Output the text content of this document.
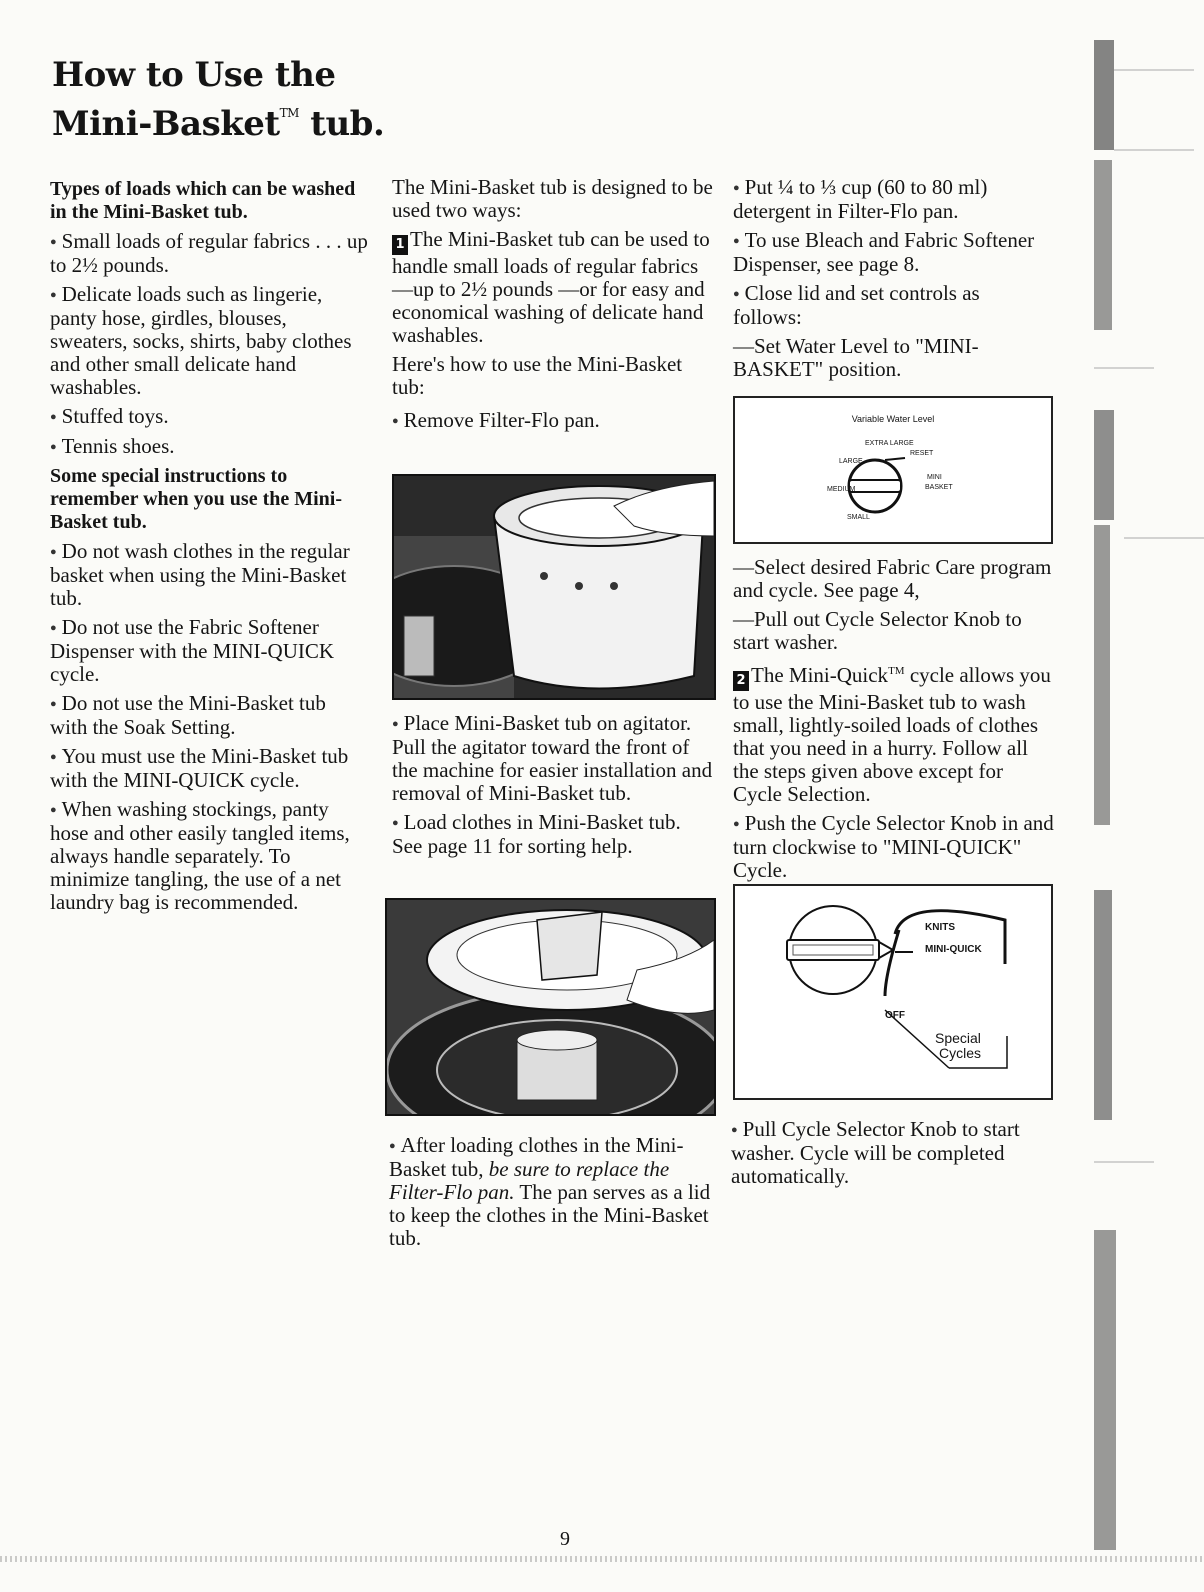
How to Use the
Mini-Basket™ tub.

Types of loads which can be washed in the Mini-Basket tub.

● Small loads of regular fabrics . . . up to 2½ pounds.

● Delicate loads such as lingerie, panty hose, girdles, blouses, sweaters, socks, shirts, baby clothes and other small delicate hand washables.

● Stuffed toys.

● Tennis shoes.

Some special instructions to remember when you use the Mini-Basket tub.

● Do not wash clothes in the regular basket when using the Mini-Basket tub.

● Do not use the Fabric Softener Dispenser with the MINI-QUICK cycle.

● Do not use the Mini-Basket tub with the Soak Setting.

● You must use the Mini-Basket tub with the MINI-QUICK cycle.

● When washing stockings, panty hose and other easily tangled items, always handle separately. To minimize tangling, the use of a net laundry bag is recommended.

The Mini-Basket tub is designed to be used two ways:

1 The Mini-Basket tub can be used to handle small loads of regular fabrics—up to 2½ pounds —or for easy and economical washing of delicate hand washables.

Here's how to use the Mini-Basket tub:

● Remove Filter-Flo pan.

● Place Mini-Basket tub on agitator. Pull the agitator toward the front of the machine for easier installation and removal of Mini-Basket tub.

● Load clothes in Mini-Basket tub. See page 11 for sorting help.

● After loading clothes in the Mini-Basket tub, be sure to replace the Filter-Flo pan. The pan serves as a lid to keep the clothes in the Mini-Basket tub.

● Put ¼ to ⅓ cup (60 to 80 ml) detergent in Filter-Flo pan.

● To use Bleach and Fabric Softener Dispenser, see page 8.

● Close lid and set controls as follows:

—Set Water Level to "MINI-BASKET" position.

Variable Water Level
EXTRA LARGE
RESET
LARGE
MEDIUM
MINI
BASKET
SMALL

—Select desired Fabric Care program and cycle. See page 4,

—Pull out Cycle Selector Knob to start washer.

2 The Mini-Quick™ cycle allows you to use the Mini-Basket tub to wash small, lightly-soiled loads of clothes that you need in a hurry. Follow all the steps given above except for Cycle Selection.

● Push the Cycle Selector Knob in and turn clockwise to "MINI-QUICK" Cycle.

KNITS
MINI-QUICK
OFF
Special
Cycles

● Pull Cycle Selector Knob to start washer. Cycle will be completed automatically.

9
